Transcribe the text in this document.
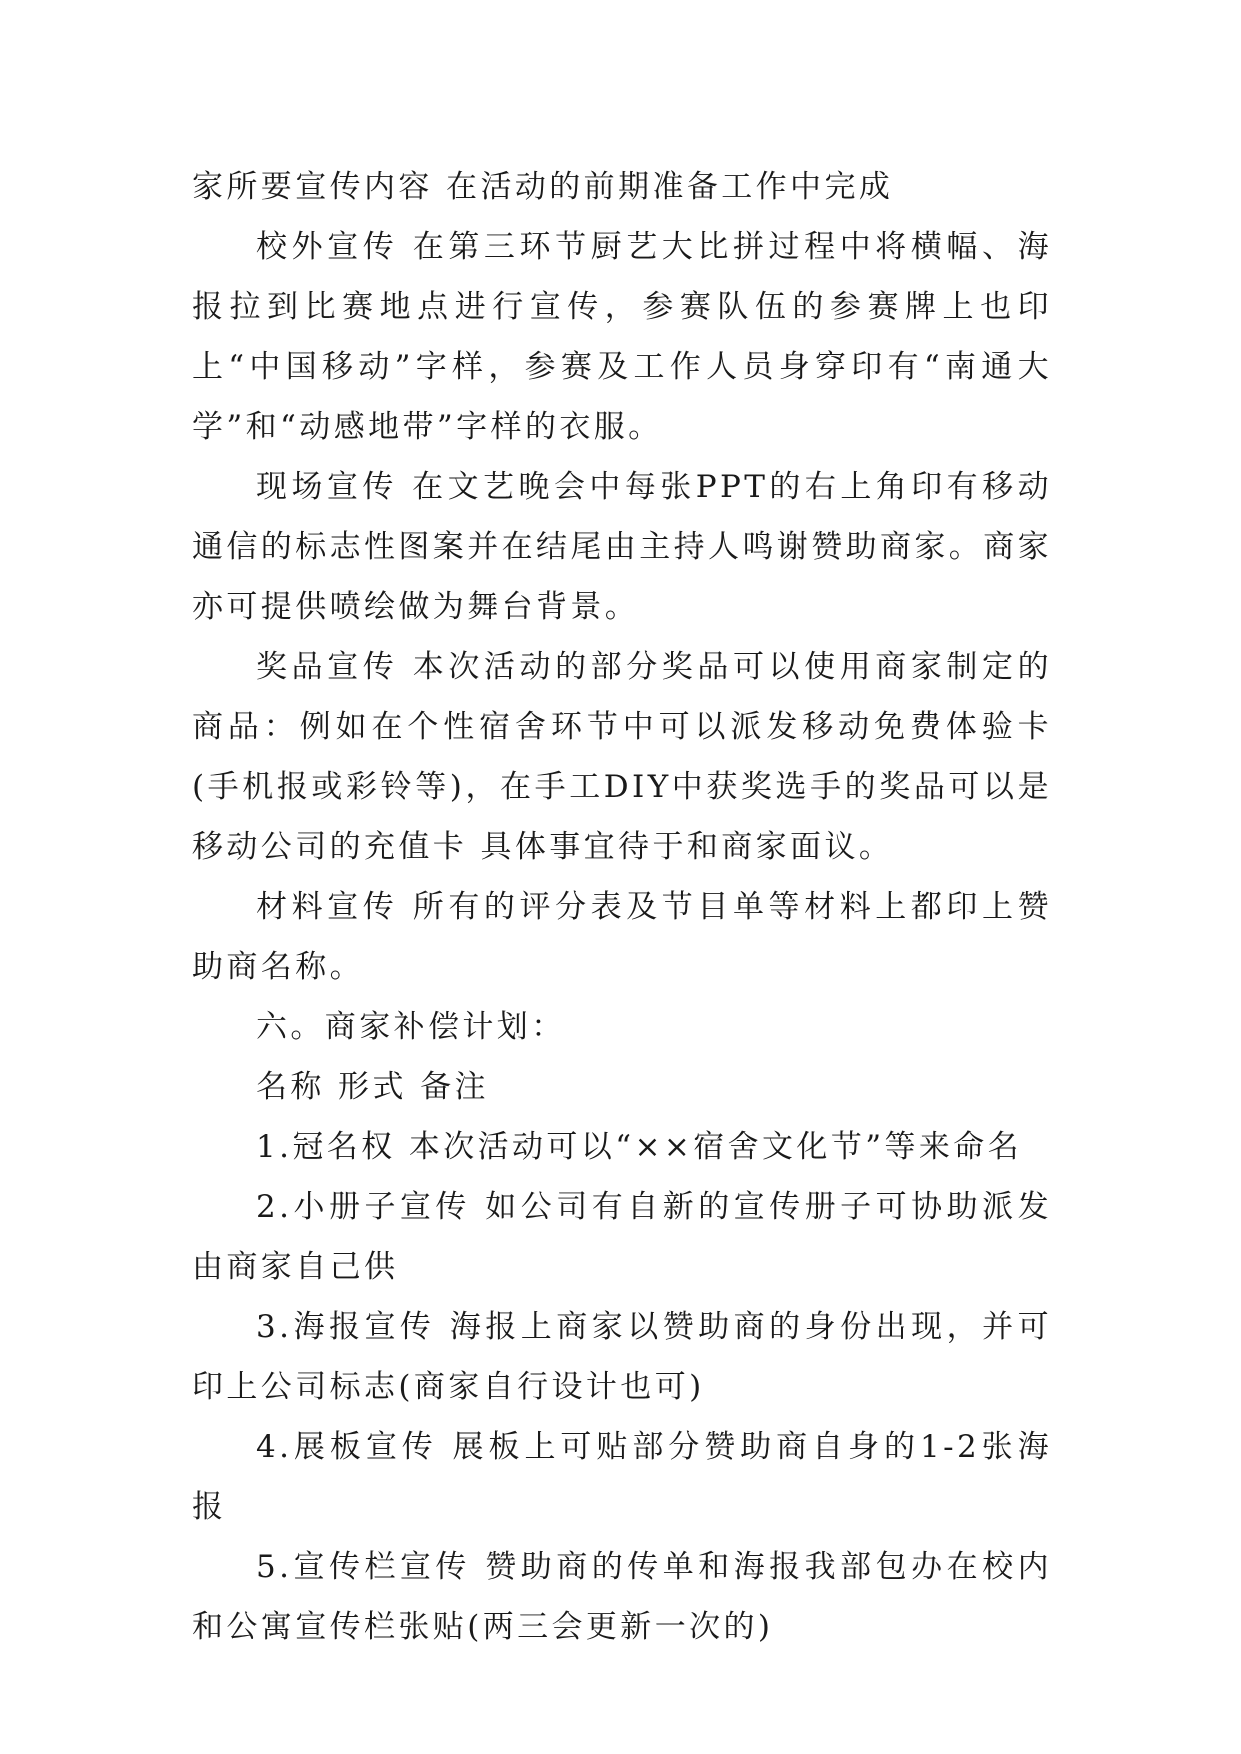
家所要宣传内容 在活动的前期准备工作中完成

校外宣传 在第三环节厨艺大比拼过程中将横幅、海报拉到比赛地点进行宣传，参赛队伍的参赛牌上也印上“中国移动”字样，参赛及工作人员身穿印有“南通大学”和“动感地带”字样的衣服。

现场宣传 在文艺晚会中每张PPT的右上角印有移动通信的标志性图案并在结尾由主持人鸣谢赞助商家。商家亦可提供喷绘做为舞台背景。

奖品宣传 本次活动的部分奖品可以使用商家制定的商品：例如在个性宿舍环节中可以派发移动免费体验卡(手机报或彩铃等)，在手工DIY中获奖选手的奖品可以是移动公司的充值卡 具体事宜待于和商家面议。

材料宣传 所有的评分表及节目单等材料上都印上赞助商名称。

六。商家补偿计划：

名称 形式 备注

1.冠名权 本次活动可以“××宿舍文化节”等来命名

2.小册子宣传 如公司有自新的宣传册子可协助派发由商家自己供

3.海报宣传 海报上商家以赞助商的身份出现，并可印上公司标志(商家自行设计也可)

4.展板宣传 展板上可贴部分赞助商自身的1-2张海报

5.宣传栏宣传 赞助商的传单和海报我部包办在校内和公寓宣传栏张贴(两三会更新一次的)
